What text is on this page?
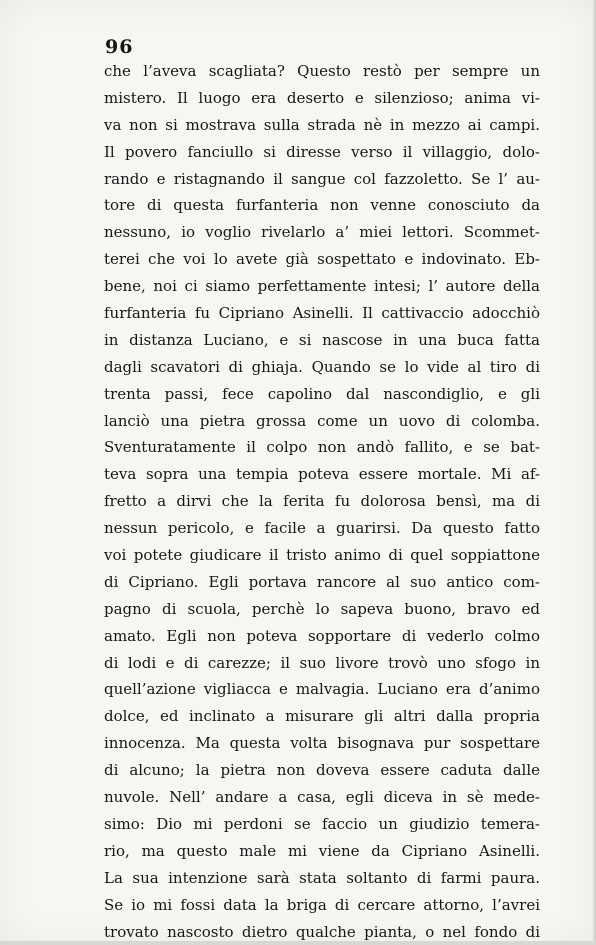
96
che l’aveva scagliata? Questo restò per sempre un
mistero. Il luogo era deserto e silenzioso; anima vi-
va non si mostrava sulla strada nè in mezzo ai campi.
Il povero fanciullo si diresse verso il villaggio, dolo-
rando e ristagnando il sangue col fazzoletto. Se l’ au-
tore di questa furfanteria non venne conosciuto da
nessuno, io voglio rivelarlo a’ miei lettori. Scommet-
terei che voi lo avete già sospettato e indovinato. Eb-
bene, noi ci siamo perfettamente intesi; l’ autore della
furfanteria fu Cipriano Asinelli. Il cattivaccio adocchiò
in distanza Luciano, e si nascose in una buca fatta
dagli scavatori di ghiaja. Quando se lo vide al tiro di
trenta passi, fece capolino dal nascondiglio, e gli
lanciò una pietra grossa come un uovo di colomba.
Sventuratamente il colpo non andò fallito, e se bat-
teva sopra una tempia poteva essere mortale. Mi af-
fretto a dirvi che la ferita fu dolorosa bensì, ma di
nessun pericolo, e facile a guarirsi. Da questo fatto
voi potete giudicare il tristo animo di quel soppiattone
di Cipriano. Egli portava rancore al suo antico com-
pagno di scuola, perchè lo sapeva buono, bravo ed
amato. Egli non poteva sopportare di vederlo colmo
di lodi e di carezze; il suo livore trovò uno sfogo in
quell’azione vigliacca e malvagia. Luciano era d’animo
dolce, ed inclinato a misurare gli altri dalla propria
innocenza. Ma questa volta bisognava pur sospettare
di alcuno; la pietra non doveva essere caduta dalle
nuvole. Nell’ andare a casa, egli diceva in sè mede-
simo: Dio mi perdoni se faccio un giudizio temera-
rio, ma questo male mi viene da Cipriano Asinelli.
La sua intenzione sarà stata soltanto di farmi paura.
Se io mi fossi data la briga di cercare attorno, l’avrei
trovato nascosto dietro qualche pianta, o nel fondo di
